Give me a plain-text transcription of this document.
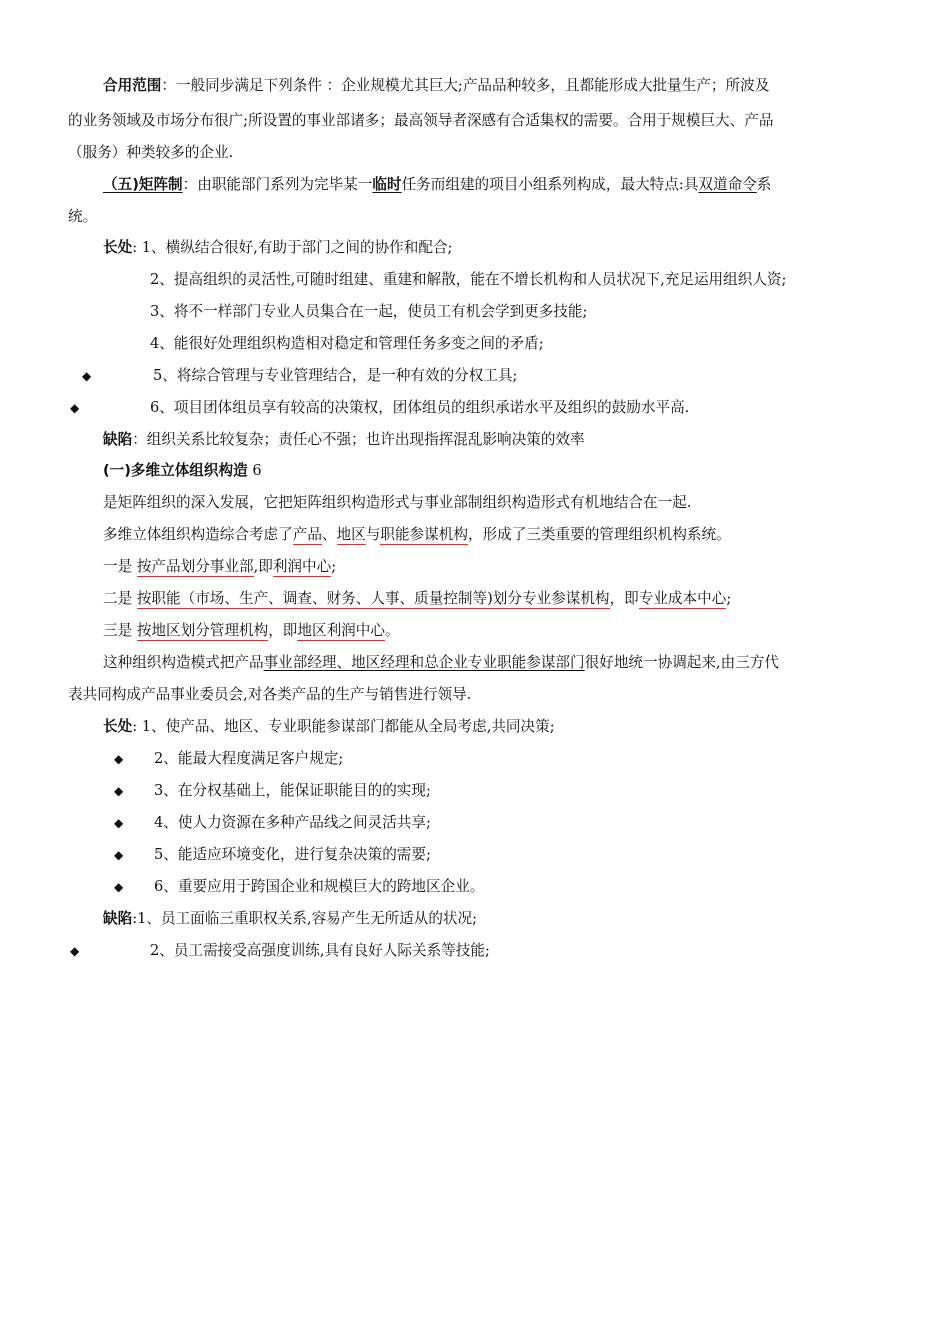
合用范围：一般同步满足下列条件 ：企业规模尤其巨大;产品品种较多，且都能形成大批量生产；所波及
的业务领域及市场分布很广;所设置的事业部诸多；最高领导者深感有合适集权的需要。合用于规模巨大、产品
（服务）种类较多的企业.
（五)矩阵制：由职能部门系列为完毕某一临时任务而组建的项目小组系列构成，最大特点:具双道命令系
统。
长处: 1、横纵结合很好,有助于部门之间的协作和配合;
2、提高组织的灵活性,可随时组建、重建和解散，能在不增长机构和人员状况下,充足运用组织人资;
3、将不一样部门专业人员集合在一起，使员工有机会学到更多技能;
4、能很好处理组织构造相对稳定和管理任务多变之间的矛盾;
◆	5、将综合管理与专业管理结合，是一种有效的分权工具;
◆	6、项目团体组员享有较高的决策权，团体组员的组织承诺水平及组织的鼓励水平高.
缺陷：组织关系比较复杂；责任心不强；也许出现指挥混乱影响决策的效率
(一)多维立体组织构造 6
是矩阵组织的深入发展，它把矩阵组织构造形式与事业部制组织构造形式有机地结合在一起.
多维立体组织构造综合考虑了产品、地区与职能参谋机构，形成了三类重要的管理组织机构系统。
一是 按产品划分事业部,即利润中心;
二是 按职能（市场、生产、调查、财务、人事、质量控制等)划分专业参谋机构，即专业成本中心;
三是 按地区划分管理机构，即地区利润中心。
这种组织构造模式把产品事业部经理、地区经理和总企业专业职能参谋部门很好地统一协调起来,由三方代
表共同构成产品事业委员会,对各类产品的生产与销售进行领导.
长处: 1、使产品、地区、专业职能参谋部门都能从全局考虑,共同决策;
◆ 2、能最大程度满足客户规定;
◆ 3、在分权基础上，能保证职能目的的实现;
◆ 4、使人力资源在多种产品线之间灵活共享;
◆ 5、能适应环境变化，进行复杂决策的需要;
◆ 6、重要应用于跨国企业和规模巨大的跨地区企业。
缺陷:1、员工面临三重职权关系,容易产生无所适从的状况;
◆	2、员工需接受高强度训练,具有良好人际关系等技能;
